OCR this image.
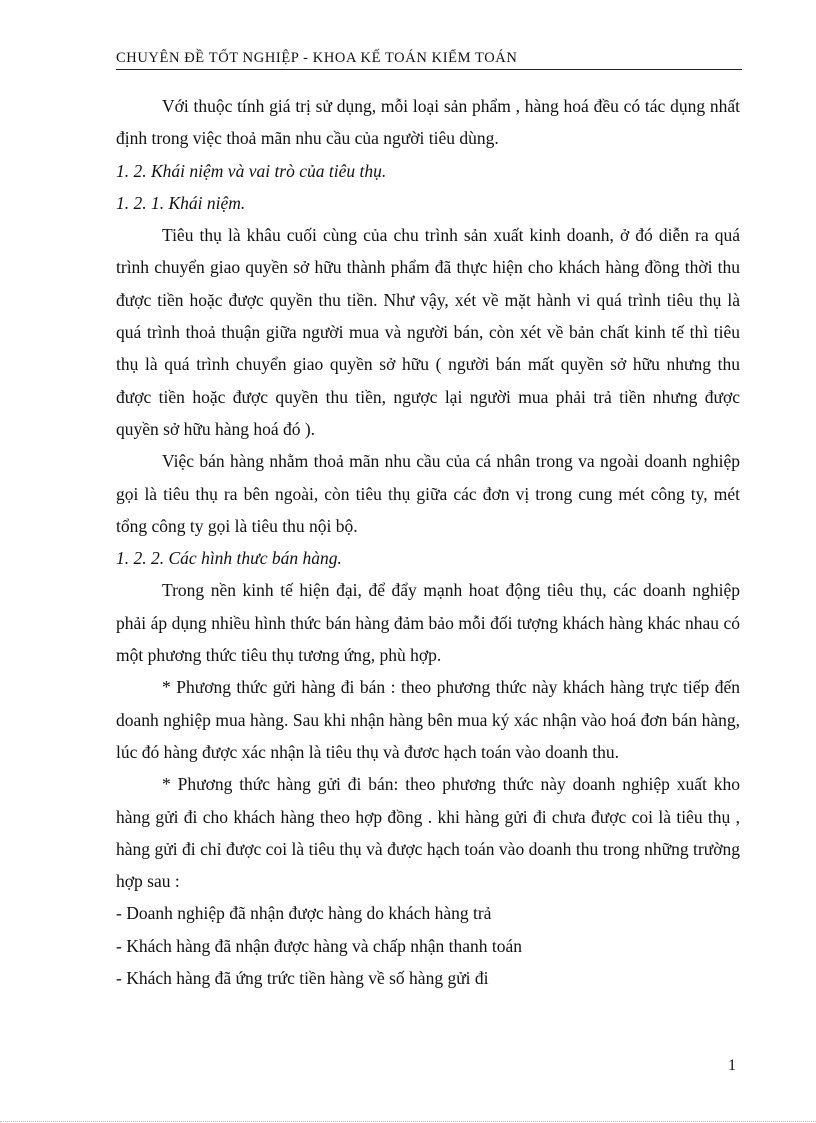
CHUYÊN ĐỀ TỐT NGHIỆP - KHOA KẾ TOÁN KIỂM TOÁN

Với thuộc tính giá trị sử dụng, mỗi loại sản phẩm , hàng hoá đều có tác dụng nhất định trong việc thoả mãn nhu cầu của người tiêu dùng.

1. 2. Khái niệm và vai trò của tiêu thụ.

1. 2. 1. Khái niệm.

Tiêu thụ là khâu cuối cùng của chu trình sản xuất kinh doanh, ở đó diễn ra quá trình chuyển giao quyền sở hữu thành phẩm đã thực hiện cho khách hàng đồng thời thu được tiền hoặc được quyền thu tiền. Như vậy, xét về mặt hành vi quá trình tiêu thụ là quá trình thoả thuận giữa người mua và người bán, còn xét về bản chất kinh tế thì tiêu thụ là quá trình chuyển giao quyền sở hữu ( người bán mất quyền sở hữu nhưng thu được tiền hoặc được quyền thu tiền, ngược lại người mua phải trả tiền nhưng được quyền sở hữu hàng hoá đó ).

Việc bán hàng nhằm thoả mãn nhu cầu của cá nhân trong va ngoài doanh nghiệp gọi là tiêu thụ ra bên ngoài, còn tiêu thụ giữa các đơn vị trong cung mét công ty, mét tổng công ty gọi là tiêu thu nội bộ.

1. 2. 2. Các hình thưc bán hàng.

Trong nền kinh tế hiện đại, để đẩy mạnh hoat động tiêu thụ, các doanh nghiệp phải áp dụng nhiều hình thức bán hàng đảm bảo mỗi đối tượng khách hàng khác nhau có một phương thức tiêu thụ tương ứng, phù hợp.

* Phương thức gửi hàng đi bán : theo phương thức này khách hàng trực tiếp đến doanh nghiệp mua hàng. Sau khi nhận hàng bên mua ký xác nhận vào hoá đơn bán hàng, lúc đó hàng được xác nhận là tiêu thụ và đươc hạch toán vào doanh thu.

* Phương thức hàng gửi đi bán: theo phương thức này doanh nghiệp xuất kho hàng gửi đi cho khách hàng theo hợp đồng . khi hàng gửi đi chưa được coi là tiêu thụ , hàng gửi đi chỉ được coi là tiêu thụ và được hạch toán vào doanh thu trong những trường hợp sau :

- Doanh nghiệp đã nhận được hàng do khách hàng trả

- Khách hàng đã nhận được hàng và chấp nhận thanh toán

- Khách hàng đã ứng trức tiền hàng về số hàng gửi đi

1
